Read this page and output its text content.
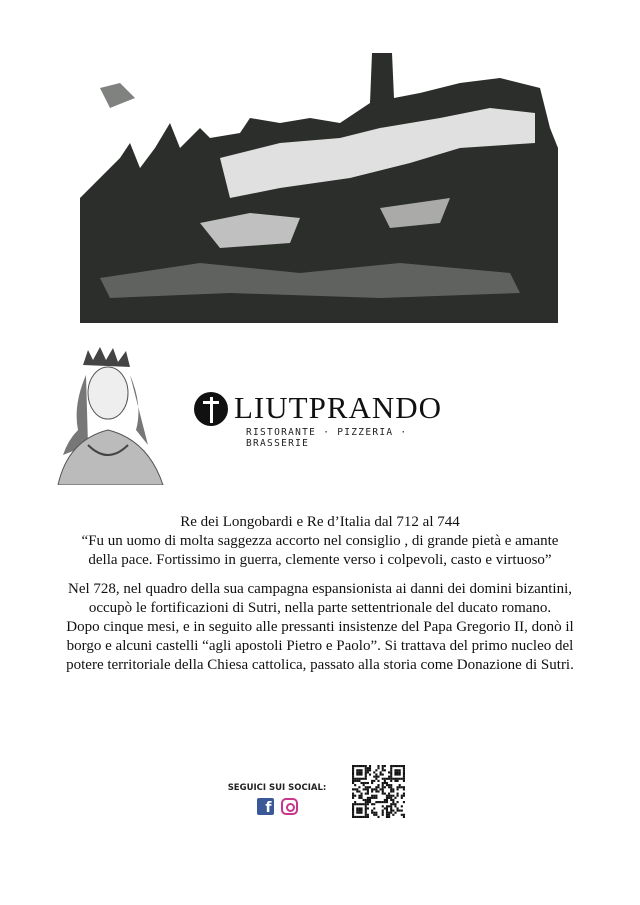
LIUTPRANDO
RISTORANTE · PIZZERIA · BRASSERIE
Re dei Longobardi e Re d’Italia dal 712 al 744
“Fu un uomo di molta saggezza accorto nel consiglio , di grande pietà e amante
della pace. Fortissimo in guerra, clemente verso i colpevoli, casto e virtuoso”
Nel 728, nel quadro della sua campagna espansionista ai danni dei domini bizantini,
occupò le fortificazioni di Sutri, nella parte settentrionale del ducato romano.
Dopo cinque mesi, e in seguito alle pressanti insistenze del Papa Gregorio II, donò il
borgo e alcuni castelli “agli apostoli Pietro e Paolo”. Si trattava del primo nucleo del
potere territoriale della Chiesa cattolica, passato alla storia come Donazione di Sutri.
SEGUICI SUI SOCIAL:
f
